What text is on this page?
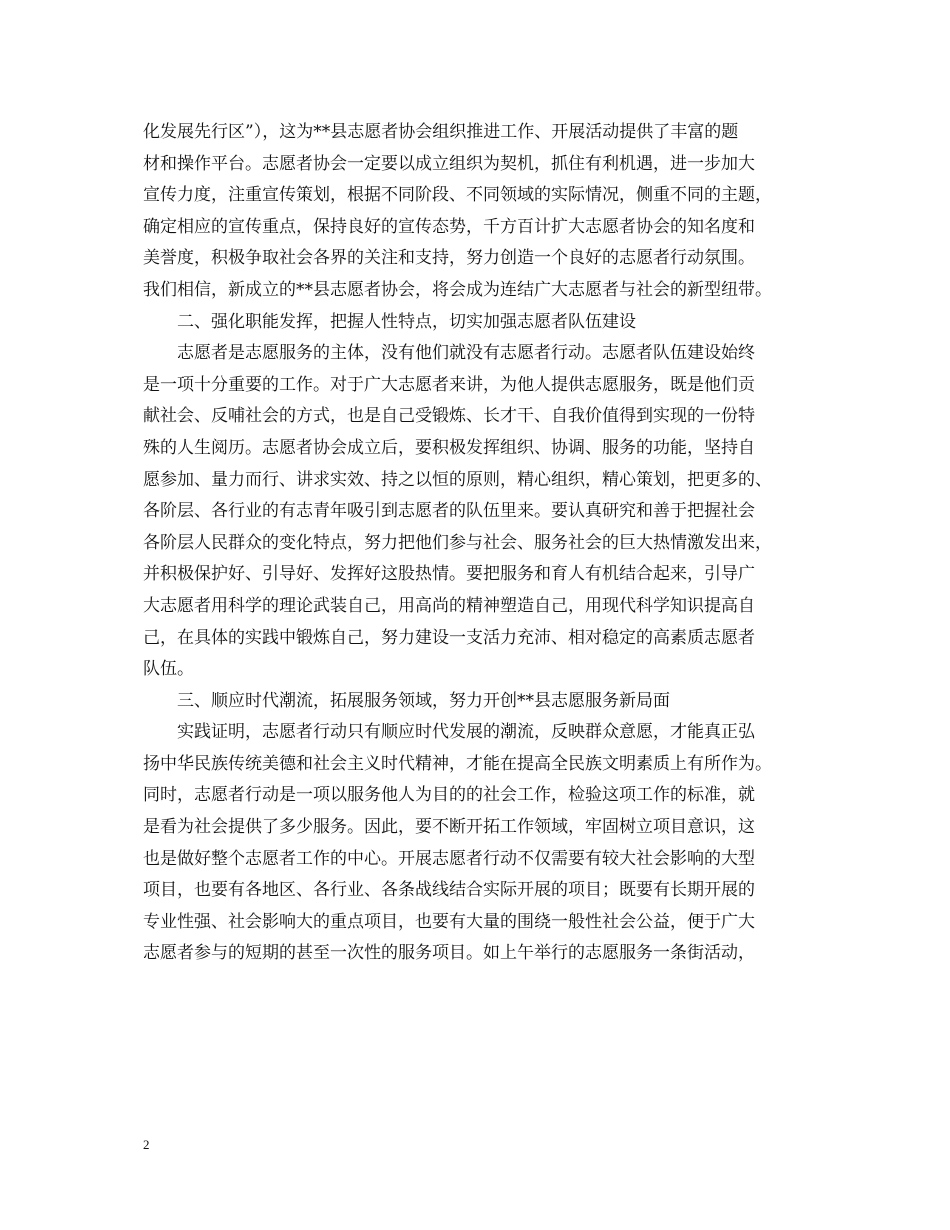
化发展先行区”），这为**县志愿者协会组织推进工作、开展活动提供了丰富的题
材和操作平台。志愿者协会一定要以成立组织为契机，抓住有利机遇，进一步加大
宣传力度，注重宣传策划，根据不同阶段、不同领域的实际情况，侧重不同的主题，
确定相应的宣传重点，保持良好的宣传态势，千方百计扩大志愿者协会的知名度和
美誉度，积极争取社会各界的关注和支持，努力创造一个良好的志愿者行动氛围。
我们相信，新成立的**县志愿者协会，将会成为连结广大志愿者与社会的新型纽带。
二、强化职能发挥，把握人性特点，切实加强志愿者队伍建设
志愿者是志愿服务的主体，没有他们就没有志愿者行动。志愿者队伍建设始终
是一项十分重要的工作。对于广大志愿者来讲，为他人提供志愿服务，既是他们贡
献社会、反哺社会的方式，也是自己受锻炼、长才干、自我价值得到实现的一份特
殊的人生阅历。志愿者协会成立后，要积极发挥组织、协调、服务的功能，坚持自
愿参加、量力而行、讲求实效、持之以恒的原则，精心组织，精心策划，把更多的、
各阶层、各行业的有志青年吸引到志愿者的队伍里来。要认真研究和善于把握社会
各阶层人民群众的变化特点，努力把他们参与社会、服务社会的巨大热情激发出来，
并积极保护好、引导好、发挥好这股热情。要把服务和育人有机结合起来，引导广
大志愿者用科学的理论武装自己，用高尚的精神塑造自己，用现代科学知识提高自
己，在具体的实践中锻炼自己，努力建设一支活力充沛、相对稳定的高素质志愿者
队伍。
三、顺应时代潮流，拓展服务领域，努力开创**县志愿服务新局面
实践证明，志愿者行动只有顺应时代发展的潮流，反映群众意愿，才能真正弘
扬中华民族传统美德和社会主义时代精神，才能在提高全民族文明素质上有所作为。
同时，志愿者行动是一项以服务他人为目的的社会工作，检验这项工作的标准，就
是看为社会提供了多少服务。因此，要不断开拓工作领域，牢固树立项目意识，这
也是做好整个志愿者工作的中心。开展志愿者行动不仅需要有较大社会影响的大型
项目，也要有各地区、各行业、各条战线结合实际开展的项目；既要有长期开展的
专业性强、社会影响大的重点项目，也要有大量的围绕一般性社会公益，便于广大
志愿者参与的短期的甚至一次性的服务项目。如上午举行的志愿服务一条街活动，
2
